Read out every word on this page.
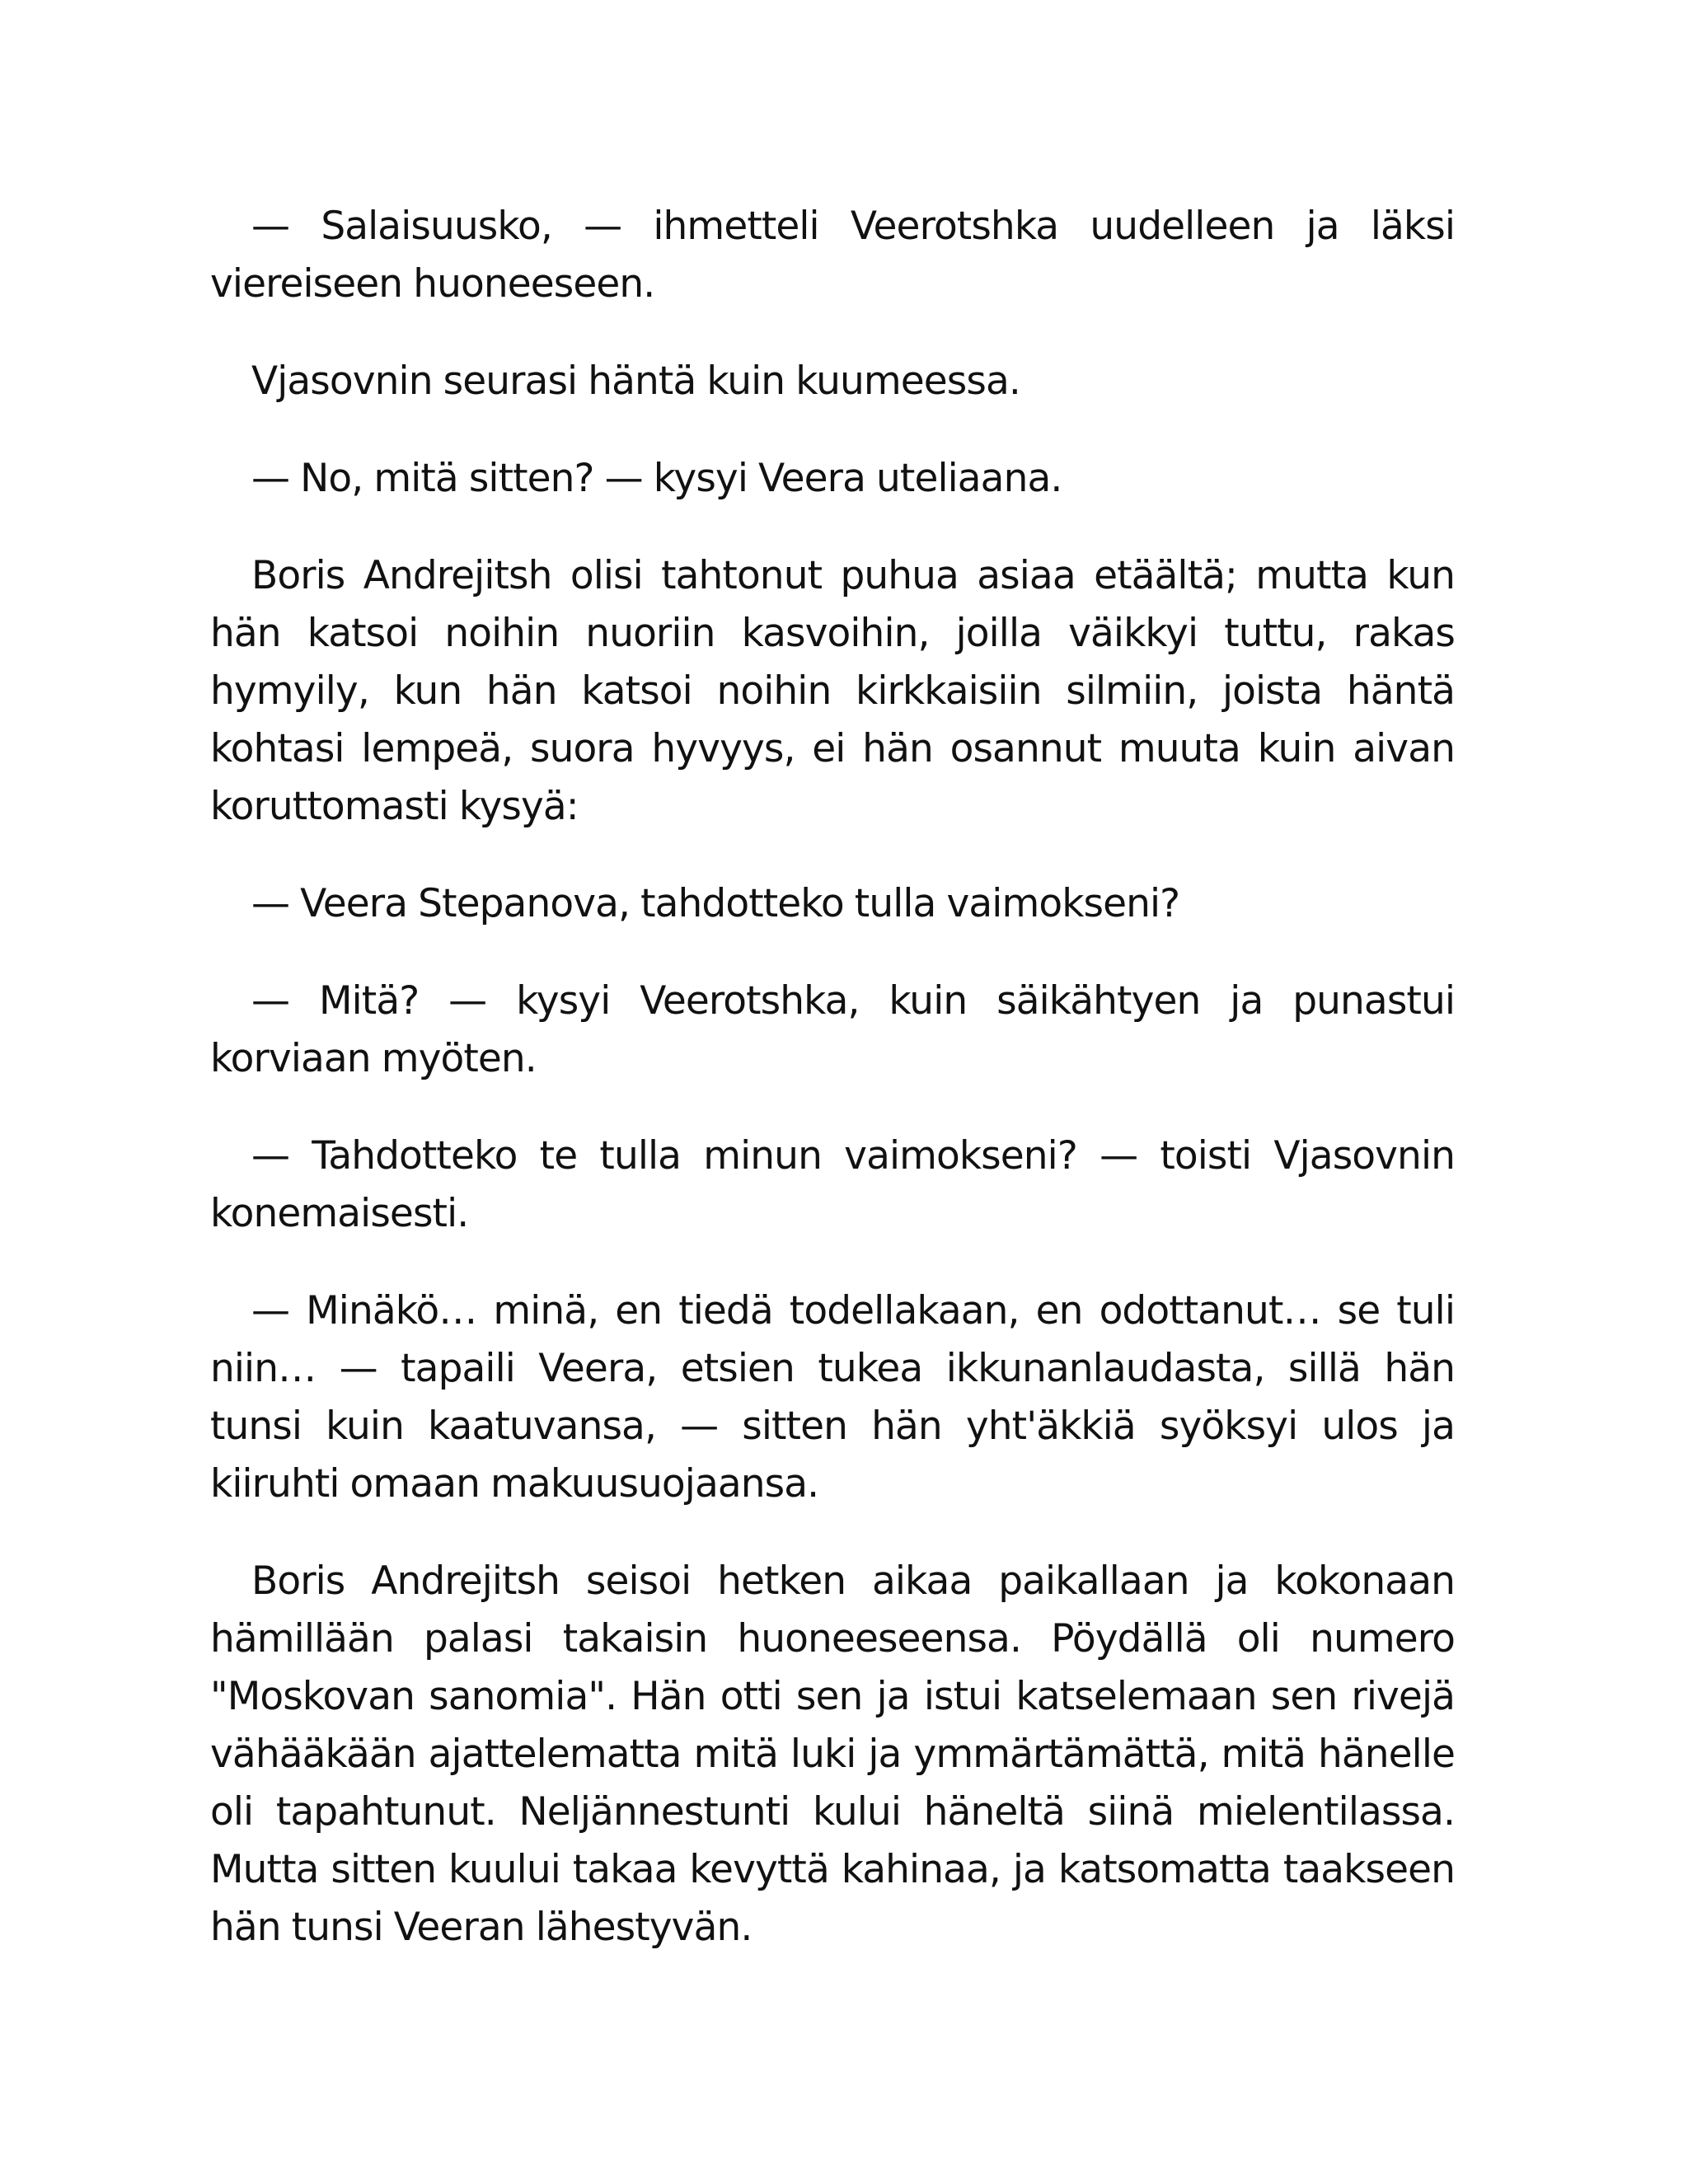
— Salaisuusko, — ihmetteli Veerotshka uudelleen ja läksi viereiseen huoneeseen.

Vjasovnin seurasi häntä kuin kuumeessa.

— No, mitä sitten? — kysyi Veera uteliaana.

Boris Andrejitsh olisi tahtonut puhua asiaa etäältä; mutta kun hän katsoi noihin nuoriin kasvoihin, joilla väikkyi tuttu, rakas hymyily, kun hän katsoi noihin kirkkaisiin silmiin, joista häntä kohtasi lempeä, suora hyvyys, ei hän osannut muuta kuin aivan koruttomasti kysyä:

— Veera Stepanova, tahdotteko tulla vaimokseni?

— Mitä? — kysyi Veerotshka, kuin säikähtyen ja punastui korviaan myöten.

— Tahdotteko te tulla minun vaimokseni? — toisti Vjasovnin konemaisesti.

— Minäkö… minä, en tiedä todellakaan, en odottanut… se tuli niin… — tapaili Veera, etsien tukea ikkunanlaudasta, sillä hän tunsi kuin kaatuvansa, — sitten hän yht'äkkiä syöksyi ulos ja kiiruhti omaan makuusuojaansa.

Boris Andrejitsh seisoi hetken aikaa paikallaan ja kokonaan hämillään palasi takaisin huoneeseensa. Pöydällä oli numero "Moskovan sanomia". Hän otti sen ja istui katselemaan sen rivejä vähääkään ajattelematta mitä luki ja ymmärtämättä, mitä hänelle oli tapahtunut. Neljännestunti kului häneltä siinä mielentilassa. Mutta sitten kuului takaa kevyttä kahinaa, ja katsomatta taakseen hän tunsi Veeran lähestyvän.
